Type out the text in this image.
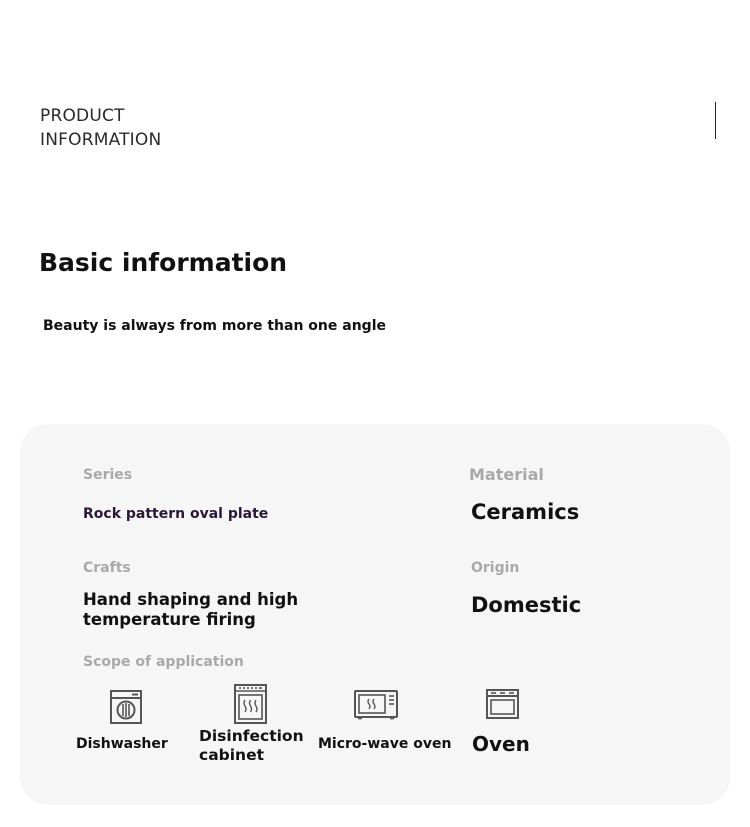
PRODUCT
INFORMATION
Basic information
Beauty is always from more than one angle
Series
Rock pattern oval plate
Material
Ceramics
Crafts
Hand shaping and high temperature firing
Origin
Domestic
Scope of application
Dishwasher Disinfection cabinet
Micro-wave oven Oven
